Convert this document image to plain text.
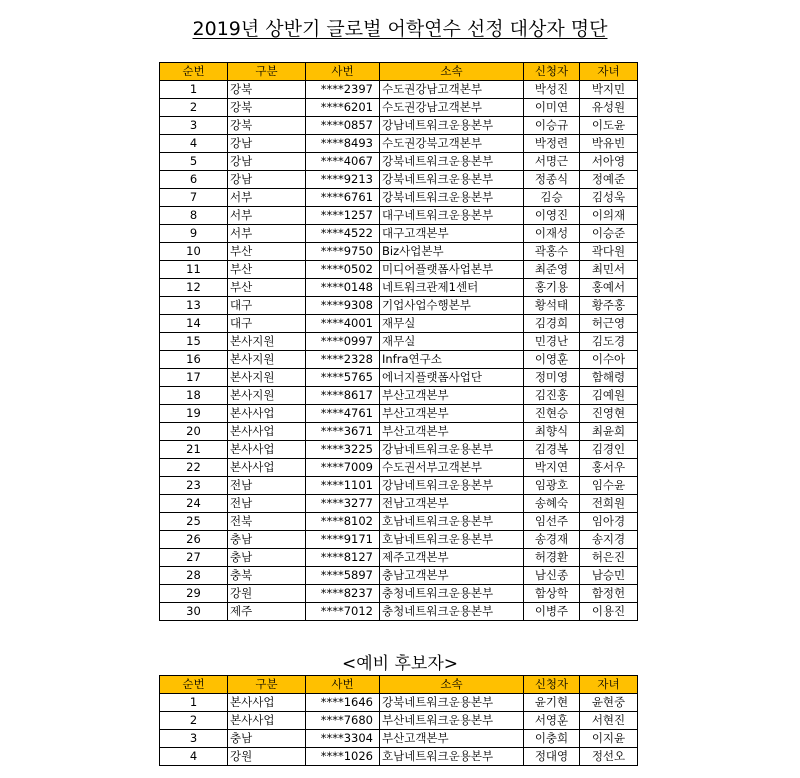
2019년 상반기 글로벌 어학연수 선정 대상자 명단
순번	구분	사번	소속	신청자	자녀
1	강북	****2397	수도권강남고객본부	박성진	박지민
2	강북	****6201	수도권강남고객본부	이미연	유성원
3	강북	****0857	강남네트워크운용본부	이승규	이도윤
4	강남	****8493	수도권강북고객본부	박정련	박유빈
5	강남	****4067	강북네트워크운용본부	서명근	서아영
6	강남	****9213	강북네트워크운용본부	정종식	정예준
7	서부	****6761	강북네트워크운용본부	김승	김성욱
8	서부	****1257	대구네트워크운용본부	이영진	이의재
9	서부	****4522	대구고객본부	이재성	이승준
10	부산	****9750	Biz사업본부	곽홍수	곽다원
11	부산	****0502	미디어플랫폼사업본부	최준영	최민서
12	부산	****0148	네트워크관제1센터	홍기용	홍예서
13	대구	****9308	기업사업수행본부	황석태	황주홍
14	대구	****4001	재무실	김경희	허근영
15	본사지원	****0997	재무실	민경난	김도경
16	본사지원	****2328	Infra연구소	이영훈	이수아
17	본사지원	****5765	에너지플랫폼사업단	정미영	함해령
18	본사지원	****8617	부산고객본부	김진홍	김예원
19	본사사업	****4761	부산고객본부	진현승	진영현
20	본사사업	****3671	부산고객본부	최향식	최윤희
21	본사사업	****3225	강남네트워크운용본부	김경복	김경인
22	본사사업	****7009	수도권서부고객본부	박지연	홍서우
23	전남	****1101	강남네트워크운용본부	임광호	임수윤
24	전남	****3277	전남고객본부	송혜숙	전희원
25	전북	****8102	호남네트워크운용본부	임선주	임아경
26	충남	****9171	호남네트워크운용본부	송경재	송지경
27	충남	****8127	제주고객본부	허경환	허은진
28	충북	****5897	충남고객본부	남신종	남승민
29	강원	****8237	충청네트워크운용본부	함상학	함정헌
30	제주	****7012	충청네트워크운용본부	이병주	이용진
<예비 후보자>
순번	구분	사번	소속	신청자	자녀
1	본사사업	****1646	강북네트워크운용본부	윤기현	윤현중
2	본사사업	****7680	부산네트워크운용본부	서영훈	서현진
3	충남	****3304	부산고객본부	이충희	이지윤
4	강원	****1026	호남네트워크운용본부	정대영	정선오
